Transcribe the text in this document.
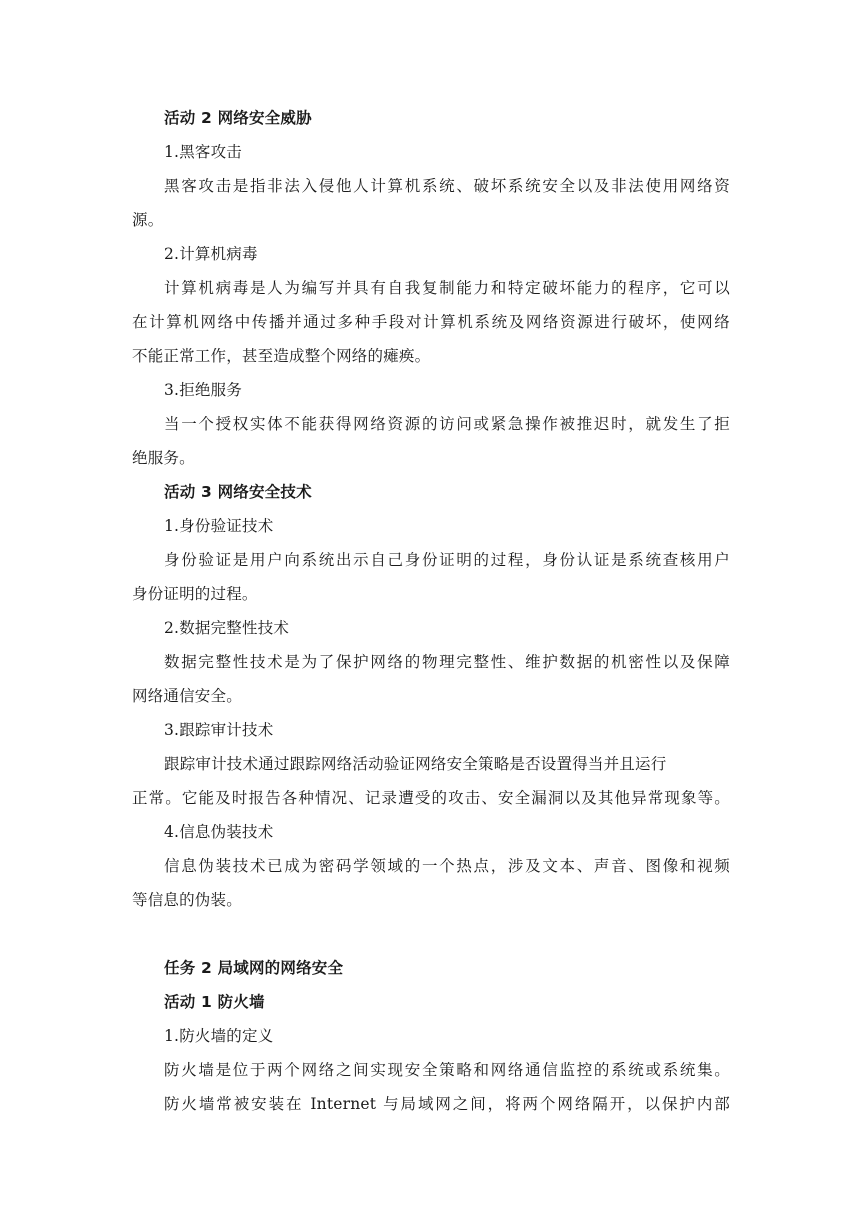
活动 2 网络安全威胁
1.黑客攻击
黑客攻击是指非法入侵他人计算机系统、破坏系统安全以及非法使用网络资
源。
2.计算机病毒
计算机病毒是人为编写并具有自我复制能力和特定破坏能力的程序，它可以
在计算机网络中传播并通过多种手段对计算机系统及网络资源进行破坏，使网络
不能正常工作，甚至造成整个网络的瘫痪。
3.拒绝服务
当一个授权实体不能获得网络资源的访问或紧急操作被推迟时，就发生了拒
绝服务。
活动 3 网络安全技术
1.身份验证技术
身份验证是用户向系统出示自己身份证明的过程，身份认证是系统查核用户
身份证明的过程。
2.数据完整性技术
数据完整性技术是为了保护网络的物理完整性、维护数据的机密性以及保障
网络通信安全。
3.跟踪审计技术
跟踪审计技术通过跟踪网络活动验证网络安全策略是否设置得当并且运行
正常。它能及时报告各种情况、记录遭受的攻击、安全漏洞以及其他异常现象等。
4.信息伪装技术
信息伪装技术已成为密码学领域的一个热点，涉及文本、声音、图像和视频
等信息的伪装。
任务 2 局域网的网络安全
活动 1 防火墙
1.防火墙的定义
防火墙是位于两个网络之间实现安全策略和网络通信监控的系统或系统集。
防火墙常被安装在 Internet 与局域网之间，将两个网络隔开，以保护内部
